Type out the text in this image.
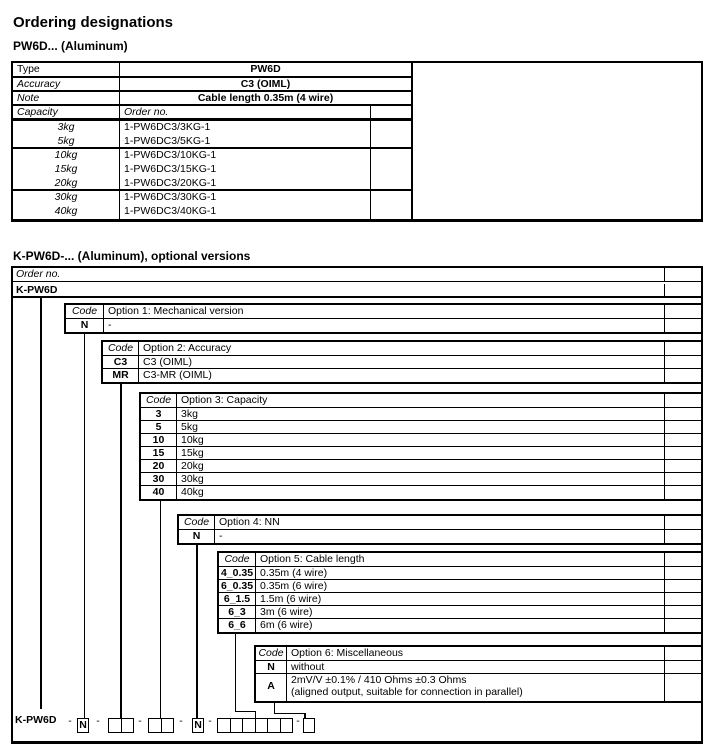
Ordering designations
PW6D... (Aluminum)
Type	PW6D
Accuracy	C3 (OIML)
Note	Cable length 0.35m (4 wire)
Capacity	Order no.
3kg	1-PW6DC3/3KG-1
5kg	1-PW6DC3/5KG-1
10kg	1-PW6DC3/10KG-1
15kg	1-PW6DC3/15KG-1
20kg	1-PW6DC3/20KG-1
30kg	1-PW6DC3/30KG-1
40kg	1-PW6DC3/40KG-1
K-PW6D-... (Aluminum), optional versions
Order no.
K-PW6D
Code	Option 1: Mechanical version
N	-
Code Option 2: Accuracy
C3	C3 (OIML)
MR	C3-MR (OIML)
Code Option 3: Capacity
3	3kg
5	5kg
10	10kg
15	15kg
20	20kg
30	30kg
40	40kg
Code Option 4: NN
N	-
Code Option 5: Cable length
4_0.35 0.35m (4 wire)
6_0.35 0.35m (6 wire)
6_1.5 1.5m (6 wire)
6_3	3m (6 wire)
6_6	6m (6 wire)
Code Option 6: Miscellaneous
N	without
A	2mV/V ±0.1% / 410 Ohms ±0.3 Ohms
(aligned output, suitable for connection in parallel)
K-PW6D	- N -	-	-	N -	-
